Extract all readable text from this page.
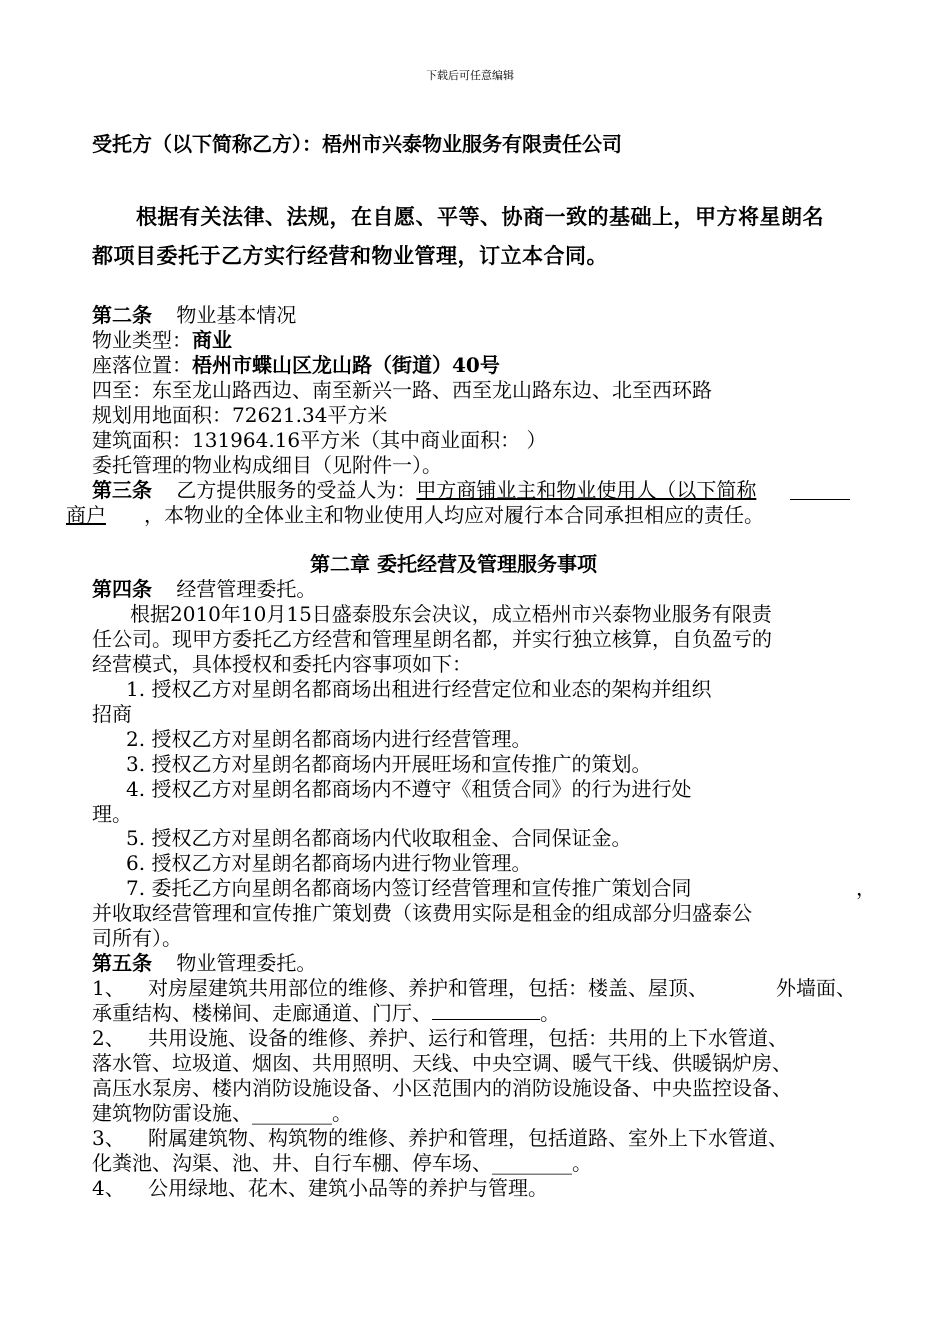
下载后可任意编辑
受托方（以下简称乙方）：梧州市兴泰物业服务有限责任公司
根据有关法律、法规，在自愿、平等、协商一致的基础上，甲方将星朗名
都项目委托于乙方实行经营和物业管理，订立本合同。
第二条 物业基本情况
物业类型：商业
座落位置：梧州市蝶山区龙山路（街道）40号
四至：东至龙山路西边、南至新兴一路、西至龙山路东边、北至西环路
规划用地面积：72621.34平方米
建筑面积：131964.16平方米（其中商业面积： ）
委托管理的物业构成细目（见附件一）。
第三条 乙方提供服务的受益人为：甲方商铺业主和物业使用人（以下简称
商户 ，本物业的全体业主和物业使用人均应对履行本合同承担相应的责任。
第二章 委托经营及管理服务事项
第四条 经营管理委托。
根据2010年10月15日盛泰股东会决议，成立梧州市兴泰物业服务有限责
任公司。现甲方委托乙方经营和管理星朗名都，并实行独立核算，自负盈亏的
经营模式，具体授权和委托内容事项如下：
1. 授权乙方对星朗名都商场出租进行经营定位和业态的架构并组织
招商
2. 授权乙方对星朗名都商场内进行经营管理。
3. 授权乙方对星朗名都商场内开展旺场和宣传推广的策划。
4. 授权乙方对星朗名都商场内不遵守《租赁合同》的行为进行处
理。
5. 授权乙方对星朗名都商场内代收取租金、合同保证金。
6. 授权乙方对星朗名都商场内进行物业管理。
7. 委托乙方向星朗名都商场内签订经营管理和宣传推广策划合同	，
并收取经营管理和宣传推广策划费（该费用实际是租金的组成部分归盛泰公
司所有）。
第五条 物业管理委托。
1、 对房屋建筑共用部位的维修、养护和管理，包括：楼盖、屋顶、	外墙面、
承重结构、楼梯间、走廊通道、门厅、	。
2、 共用设施、设备的维修、养护、运行和管理，包括：共用的上下水管道、
落水管、垃圾道、烟囱、共用照明、天线、中央空调、暖气干线、供暖锅炉房、
高压水泵房、楼内消防设施设备、小区范围内的消防设施设备、中央监控设备、
建筑物防雷设施、________。
3、 附属建筑物、构筑物的维修、养护和管理，包括道路、室外上下水管道、
化粪池、沟渠、池、井、自行车棚、停车场、________。
4、 公用绿地、花木、建筑小品等的养护与管理。
